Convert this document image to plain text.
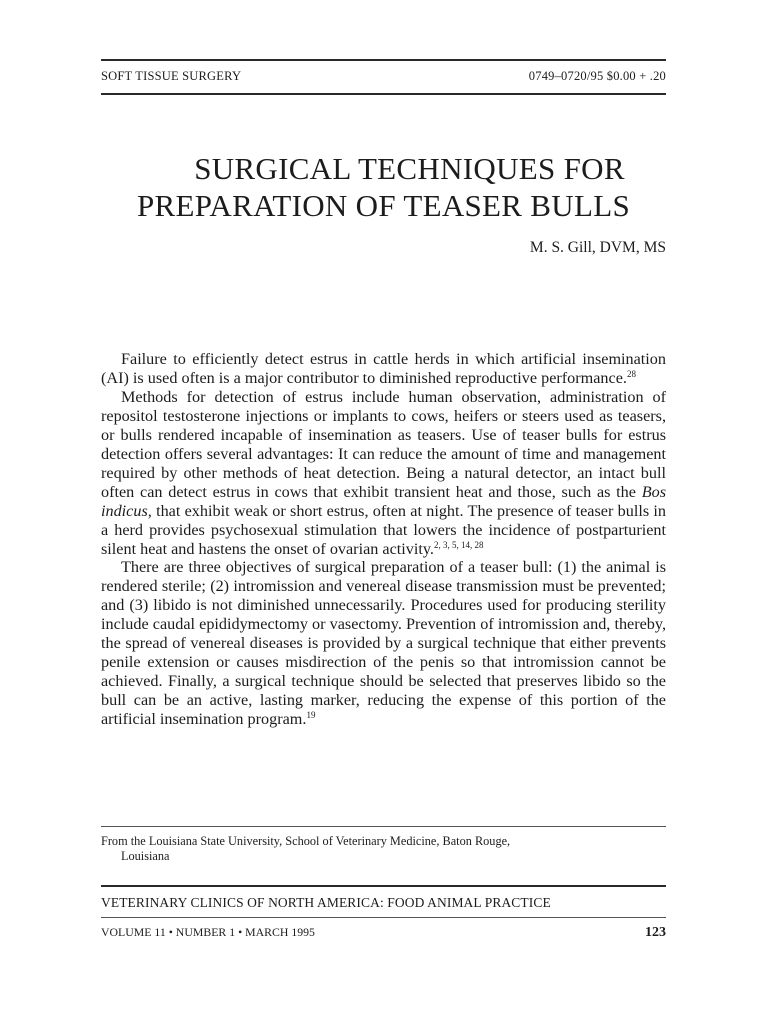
SOFT TISSUE SURGERY	0749–0720/95 $0.00 + .20
SURGICAL TECHNIQUES FOR
PREPARATION OF TEASER BULLS
M. S. Gill, DVM, MS

Failure to efficiently detect estrus in cattle herds in which artificial insemination (AI) is used often is a major contributor to diminished reproductive performance.$^{28}$

Methods for detection of estrus include human observation, administration of repositol testosterone injections or implants to cows, heifers or steers used as teasers, or bulls rendered incapable of insemination as teasers. Use of teaser bulls for estrus detection offers several advantages: It can reduce the amount of time and management required by other methods of heat detection. Being a natural detector, an intact bull often can detect estrus in cows that exhibit transient heat and those, such as the Bos indicus, that exhibit weak or short estrus, often at night. The presence of teaser bulls in a herd provides psychosexual stimulation that lowers the incidence of postparturient silent heat and hastens the onset of ovarian activity.$^{2, 3, 5, 14, 28}$

There are three objectives of surgical preparation of a teaser bull: (1) the animal is rendered sterile; (2) intromission and venereal disease transmission must be prevented; and (3) libido is not diminished unnecessarily. Procedures used for producing sterility include caudal epididymectomy or vasectomy. Prevention of intromission and, thereby, the spread of venereal diseases is provided by a surgical technique that either prevents penile extension or causes misdirection of the penis so that intromission cannot be achieved. Finally, a surgical technique should be selected that preserves libido so the bull can be an active, lasting marker, reducing the expense of this portion of the artificial insemination program.$^{19}$

From the Louisiana State University, School of Veterinary Medicine, Baton Rouge,
Louisiana
VETERINARY CLINICS OF NORTH AMERICA: FOOD ANIMAL PRACTICE
VOLUME 11 • NUMBER 1 • MARCH 1995	123
